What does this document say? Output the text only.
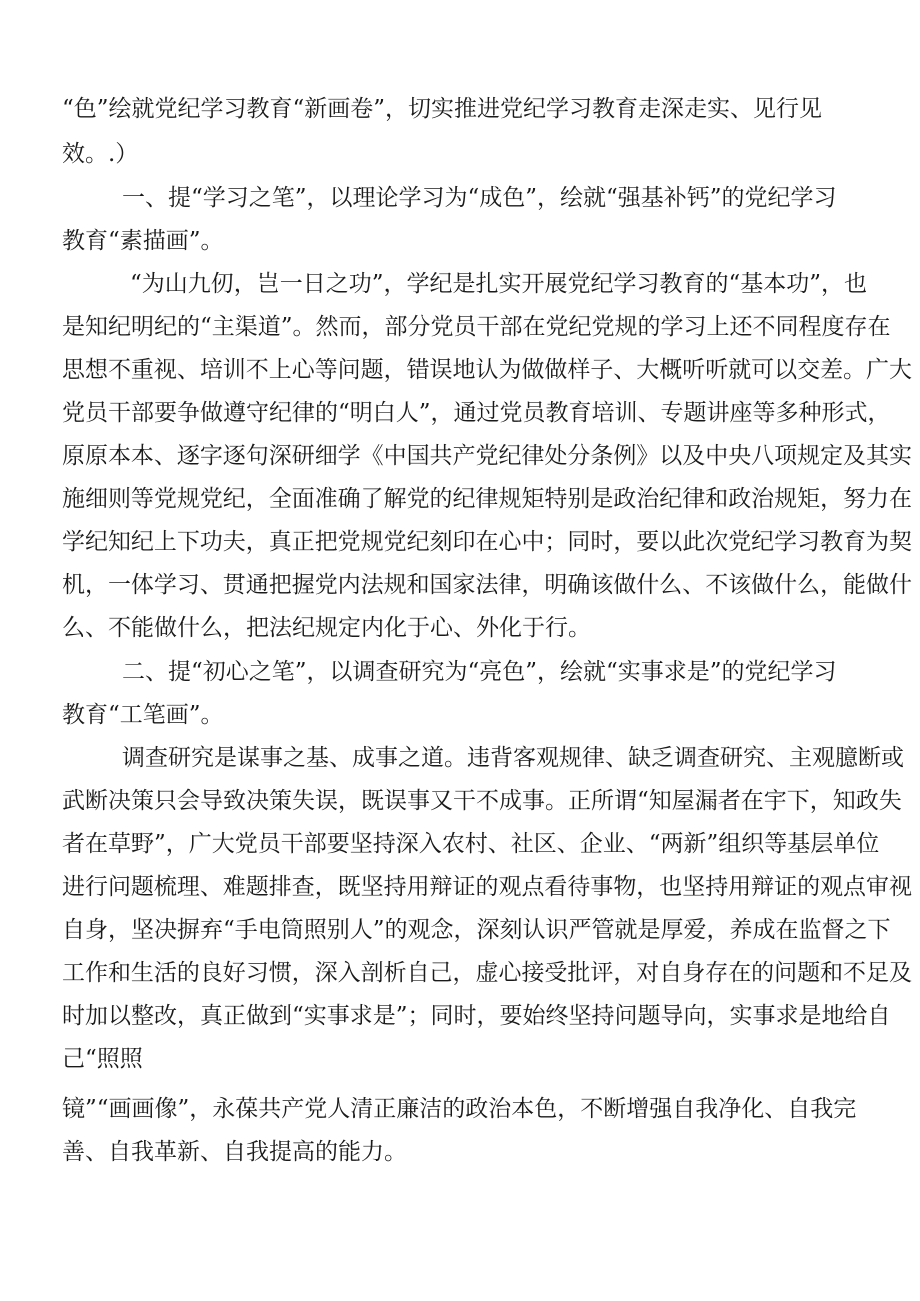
“色”绘就党纪学习教育“新画卷”，切实推进党纪学习教育走深走实、见行见

效。.）

一、提“学习之笔”，以理论学习为“成色”，绘就“强基补钙”的党纪学习

教育“素描画”。

“为山九仞，岂一日之功”，学纪是扎实开展党纪学习教育的“基本功”，也

是知纪明纪的“主渠道”。然而，部分党员干部在党纪党规的学习上还不同程度存在

思想不重视、培训不上心等问题，错误地认为做做样子、大概听听就可以交差。广大

党员干部要争做遵守纪律的“明白人”，通过党员教育培训、专题讲座等多种形式，

原原本本、逐字逐句深研细学《中国共产党纪律处分条例》以及中央八项规定及其实

施细则等党规党纪，全面准确了解党的纪律规矩特别是政治纪律和政治规矩，努力在

学纪知纪上下功夫，真正把党规党纪刻印在心中；同时，要以此次党纪学习教育为契

机，一体学习、贯通把握党内法规和国家法律，明确该做什么、不该做什么，能做什

么、不能做什么，把法纪规定内化于心、外化于行。

二、提“初心之笔”，以调查研究为“亮色”，绘就“实事求是”的党纪学习

教育“工笔画”。

调查研究是谋事之基、成事之道。违背客观规律、缺乏调查研究、主观臆断或

武断决策只会导致决策失误，既误事又干不成事。正所谓“知屋漏者在宇下，知政失

者在草野”，广大党员干部要坚持深入农村、社区、企业、“两新”组织等基层单位

进行问题梳理、难题排查，既坚持用辩证的观点看待事物，也坚持用辩证的观点审视

自身，坚决摒弃“手电筒照别人”的观念，深刻认识严管就是厚爱，养成在监督之下

工作和生活的良好习惯，深入剖析自己，虚心接受批评，对自身存在的问题和不足及

时加以整改，真正做到“实事求是”；同时，要始终坚持问题导向，实事求是地给自

己“照照

镜”“画画像”，永葆共产党人清正廉洁的政治本色，不断增强自我净化、自我完

善、自我革新、自我提高的能力。
